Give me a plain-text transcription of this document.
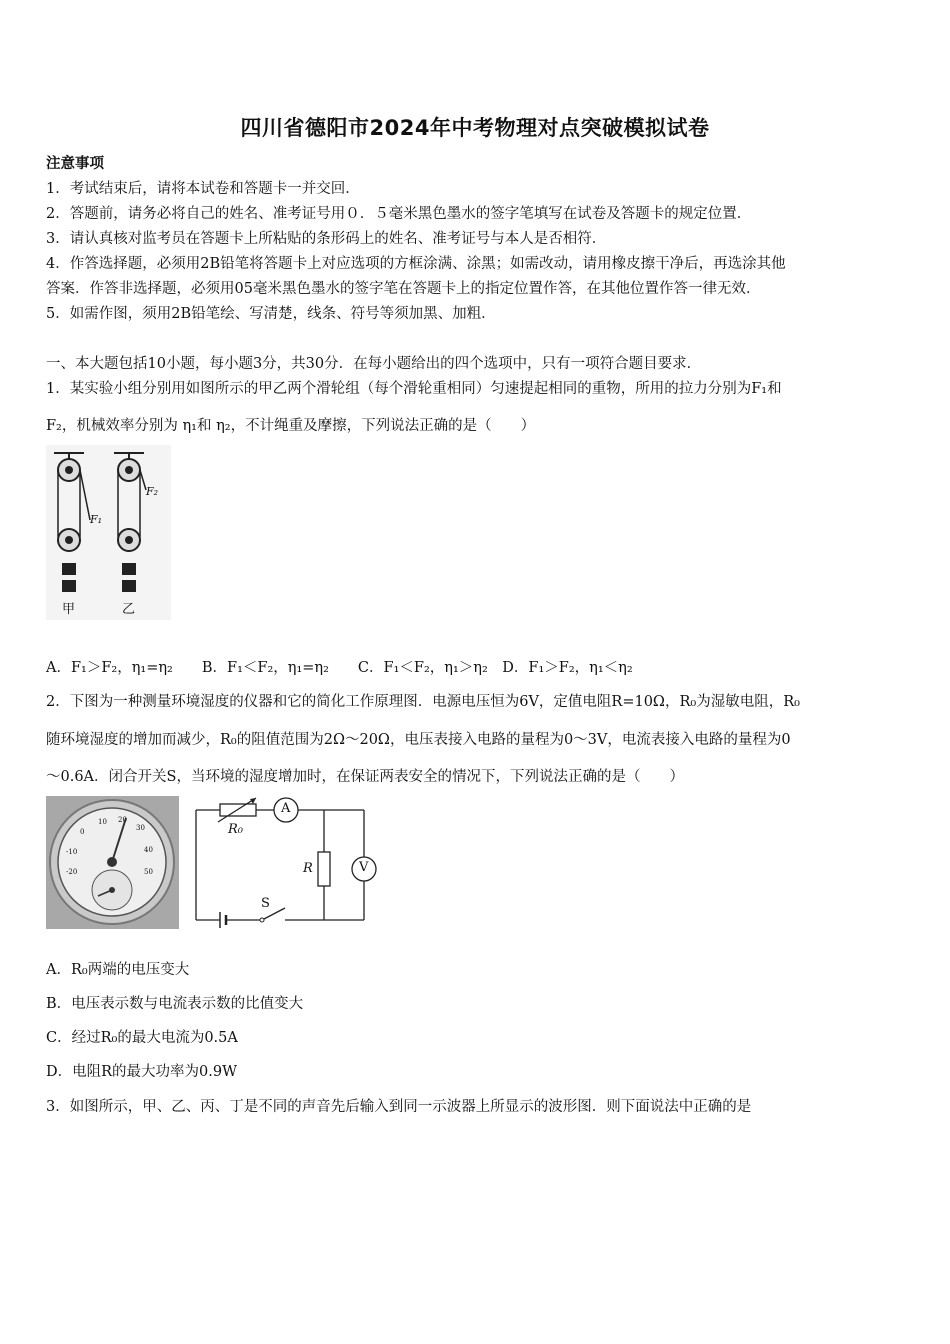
四川省德阳市2024年中考物理对点突破模拟试卷
注意事项
1．考试结束后，请将本试卷和答题卡一并交回．
2．答题前，请务必将自己的姓名、准考证号用０．５毫米黑色墨水的签字笔填写在试卷及答题卡的规定位置．
3．请认真核对监考员在答题卡上所粘贴的条形码上的姓名、准考证号与本人是否相符．
4．作答选择题，必须用2B铅笔将答题卡上对应选项的方框涂满、涂黑；如需改动，请用橡皮擦干净后，再选涂其他
答案．作答非选择题，必须用05毫米黑色墨水的签字笔在答题卡上的指定位置作答，在其他位置作答一律无效．
5．如需作图，须用2B铅笔绘、写清楚，线条、符号等须加黑、加粗．
一、本大题包括10小题，每小题3分，共30分．在每小题给出的四个选项中，只有一项符合题目要求．
1．某实验小组分别用如图所示的甲乙两个滑轮组（每个滑轮重相同）匀速提起相同的重物，所用的拉力分别为F₁和
F₂，机械效率分别为 η₁和 η₂，不计绳重及摩擦，下列说法正确的是（　　）
F₁
F₂
甲	乙
A．F₁＞F₂，η₁=η₂　　B．F₁＜F₂，η₁=η₂　　C．F₁＜F₂，η₁＞η₂　D．F₁＞F₂，η₁＜η₂
2．下图为一种测量环境湿度的仪器和它的简化工作原理图．电源电压恒为6V，定值电阻R=10Ω，R₀为湿敏电阻，R₀
随环境湿度的增加而减少，R₀的阻值范围为2Ω～20Ω，电压表接入电路的量程为0～3V，电流表接入电路的量程为0
～0.6A．闭合开关S，当环境的湿度增加时，在保证两表安全的情况下，下列说法正确的是（　　）
0
10 20
30
40
50
-10
-20
A
V
R₀
R
S
A．R₀两端的电压变大
B．电压表示数与电流表示数的比值变大
C．经过R₀的最大电流为0.5A
D．电阻R的最大功率为0.9W
3．如图所示，甲、乙、丙、丁是不同的声音先后输入到同一示波器上所显示的波形图．则下面说法中正确的是
